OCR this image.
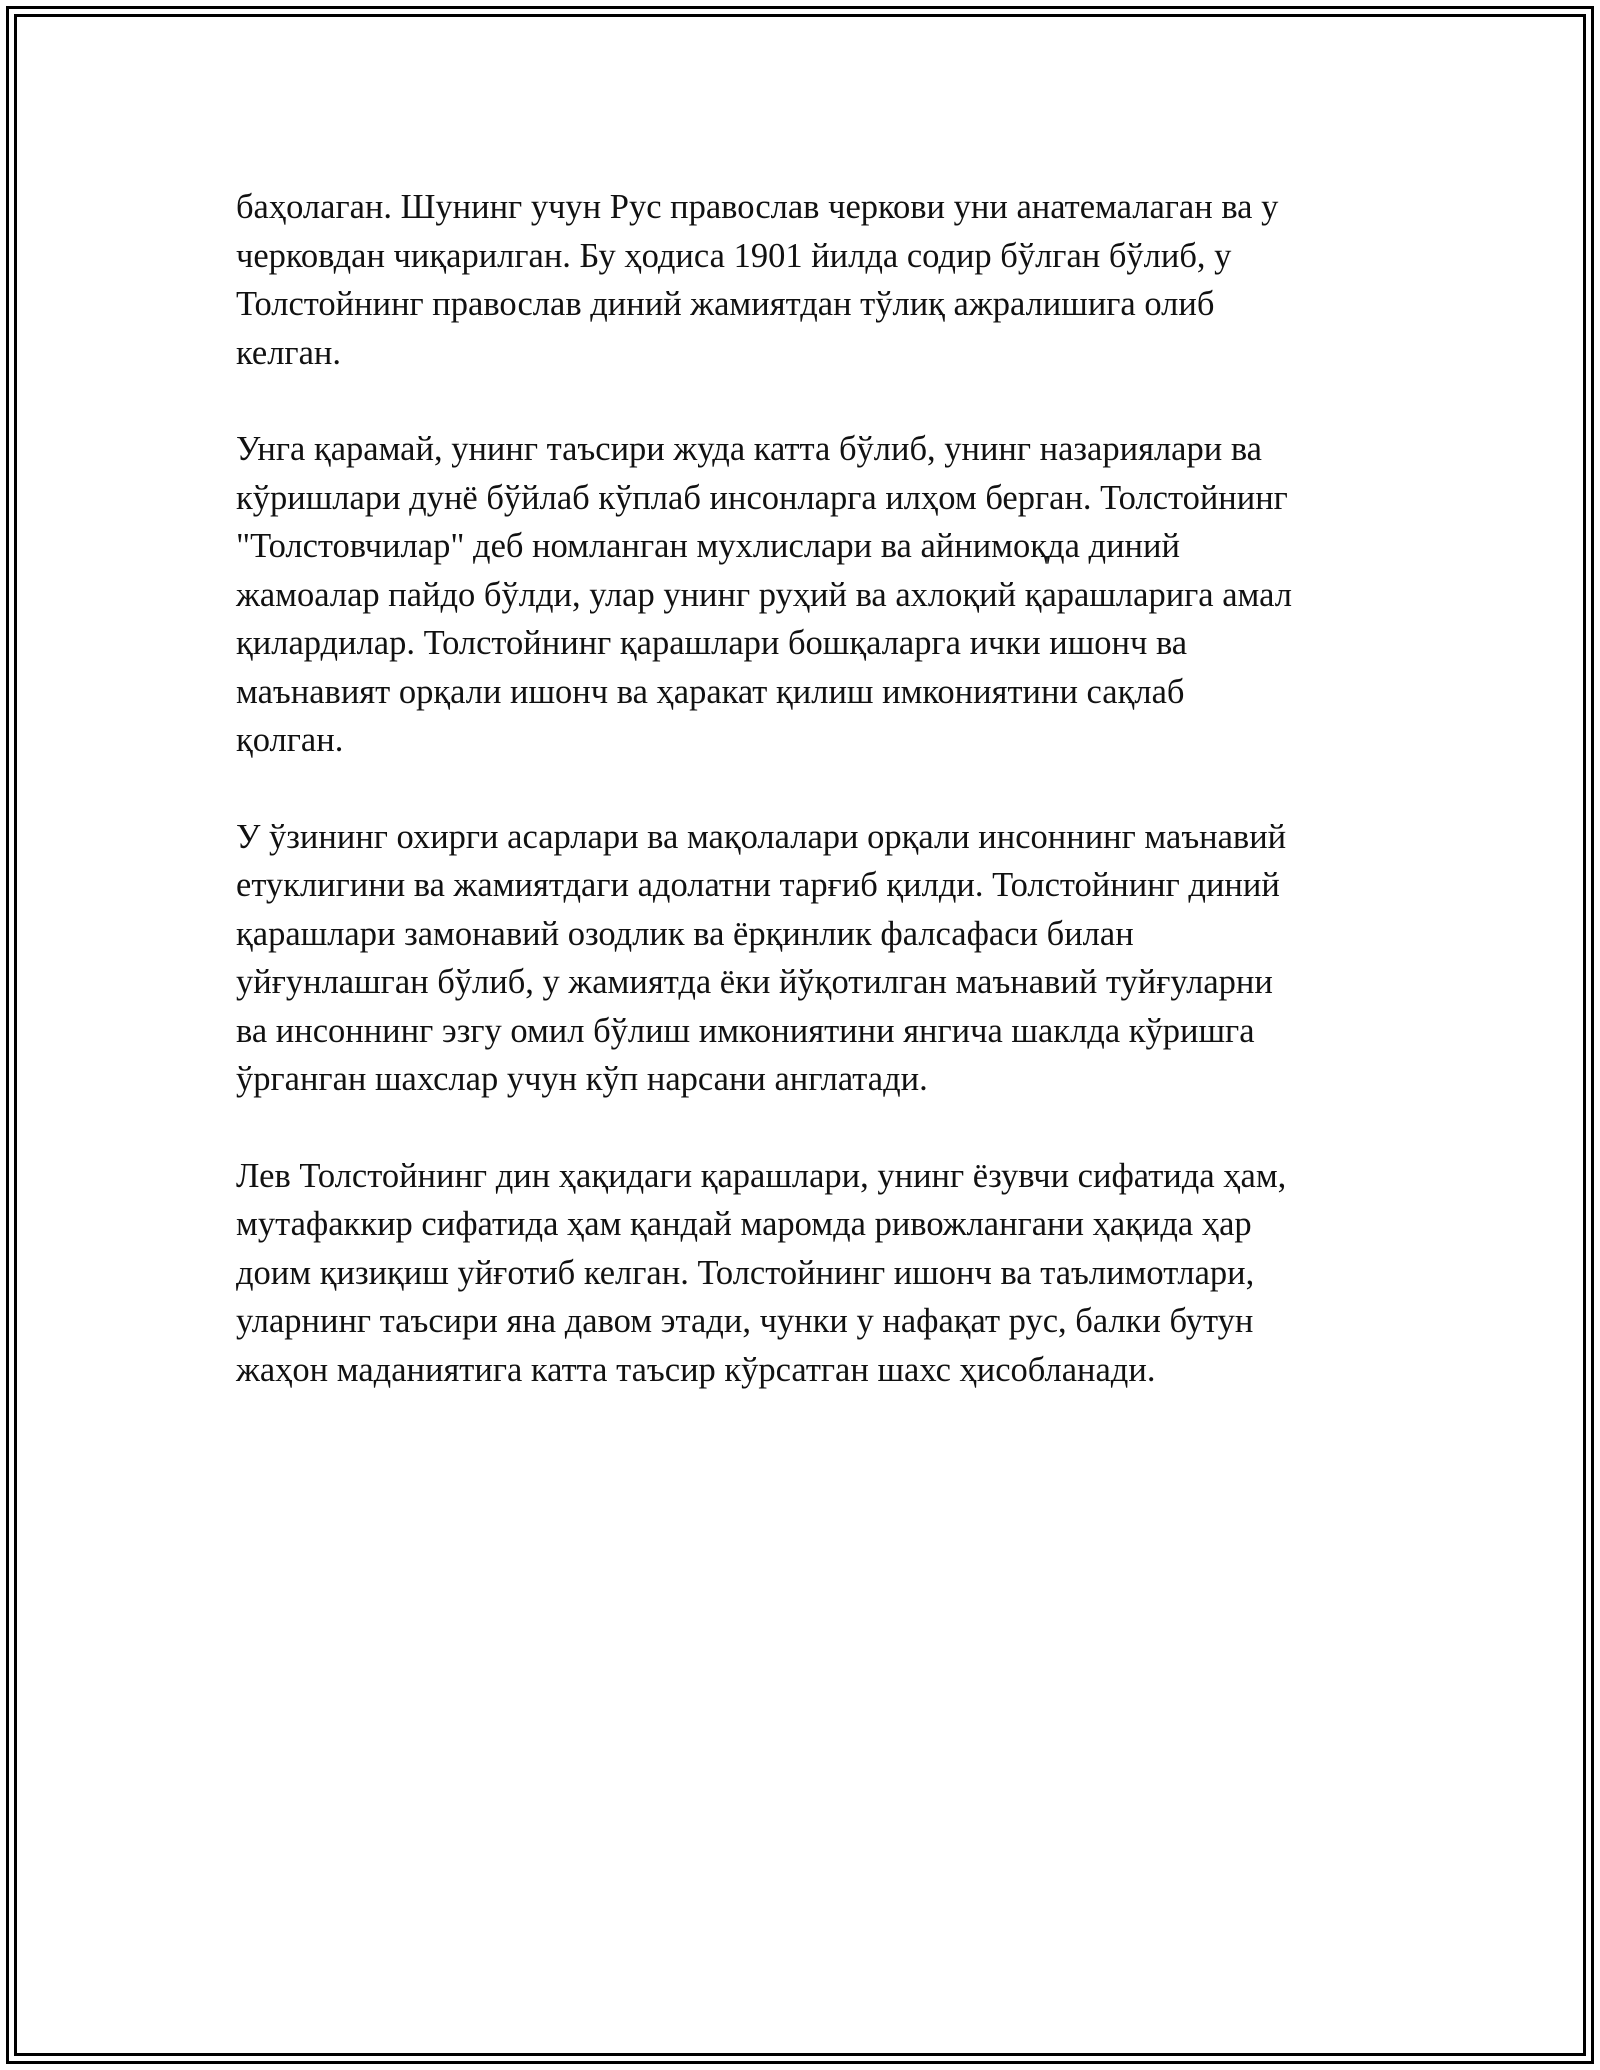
баҳолаган. Шунинг учун Рус православ черкови уни анатемалаган ва у
черковдан чиқарилган. Бу ҳодиса 1901 йилда содир бўлган бўлиб, у
Толстойнинг православ диний жамиятдан тўлиқ ажралишига олиб
келган.

Унга қарамай, унинг таъсири жуда катта бўлиб, унинг назариялари ва
кўришлари дунё бўйлаб кўплаб инсонларга илҳом берган. Толстойнинг
"Толстовчилар" деб номланган мухлислари ва айнимоқда диний
жамоалар пайдо бўлди, улар унинг руҳий ва ахлоқий қарашларига амал
қилардилар. Толстойнинг қарашлари бошқаларга ички ишонч ва
маънавият орқали ишонч ва ҳаракат қилиш имкониятини сақлаб
қолган.

У ўзининг охирги асарлари ва мақолалари орқали инсоннинг маънавий
етуклигини ва жамиятдаги адолатни тарғиб қилди. Толстойнинг диний
қарашлари замонавий озодлик ва ёрқинлик фалсафаси билан
уйғунлашган бўлиб, у жамиятда ёки йўқотилган маънавий туйғуларни
ва инсоннинг эзгу омил бўлиш имкониятини янгича шаклда кўришга
ўрганган шахслар учун кўп нарсани англатади.

Лев Толстойнинг дин ҳақидаги қарашлари, унинг ёзувчи сифатида ҳам,
мутафаккир сифатида ҳам қандай маромда ривожлангани ҳақида ҳар
доим қизиқиш уйғотиб келган. Толстойнинг ишонч ва таълимотлари,
уларнинг таъсири яна давом этади, чунки у нафақат рус, балки бутун
жаҳон маданиятига катта таъсир кўрсатган шахс ҳисобланади.
